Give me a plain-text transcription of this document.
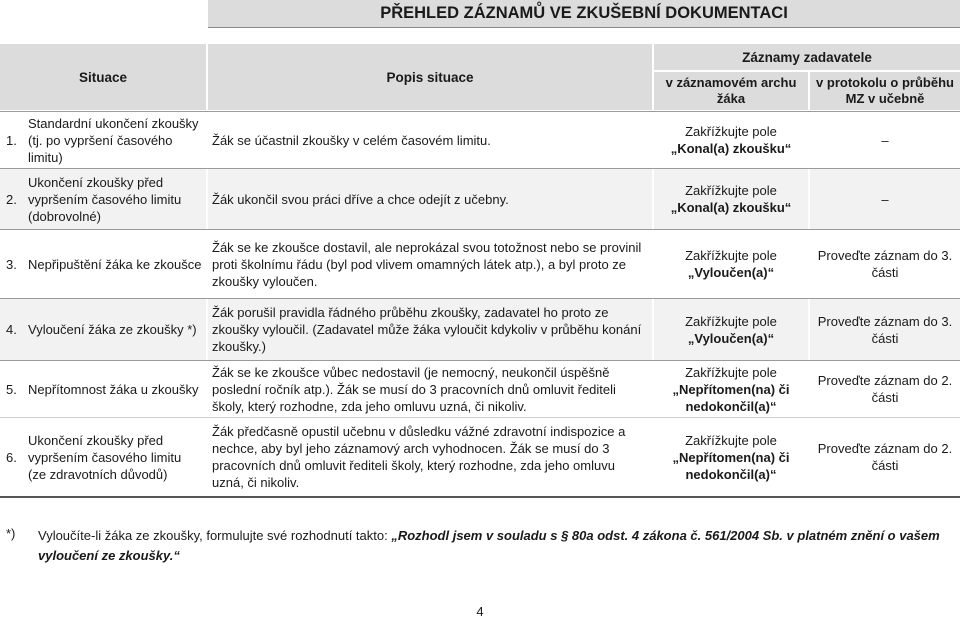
PŘEHLED ZÁZNAMŮ VE ZKUŠEBNÍ DOKUMENTACI
Situace	Popis situace
Záznamy zadavatele
v záznamovém archu žáka
v protokolu o průběhu MZ v učebně
1.
Standardní ukončení zkoušky (tj. po vypršení časového limitu)
Žák se účastnil zkoušky v celém časovém limitu.
Zakřížkujte pole
„Konal(a) zkoušku“
–
2.
Ukončení zkoušky před vypršením časového limitu (dobrovolné)
Žák ukončil svou práci dříve a chce odejít z učebny.
Zakřížkujte pole
„Konal(a) zkoušku“
–
3. Nepřipuštění žáka ke zkoušce
Žák se ke zkoušce dostavil, ale neprokázal svou totožnost nebo se provinil proti školnímu řádu (byl pod vlivem omamných látek atp.), a byl proto ze zkoušky vyloučen.
Zakřížkujte pole
„Vyloučen(a)“
Proveďte záznam do 3. části
4. Vyloučení žáka ze zkoušky *)
Žák porušil pravidla řádného průběhu zkoušky, zadavatel ho proto ze zkoušky vyloučil. (Zadavatel může žáka vyloučit kdykoliv v průběhu konání zkoušky.)
Zakřížkujte pole
„Vyloučen(a)“
Proveďte záznam do 3. části
5. Nepřítomnost žáka u zkoušky
Žák se ke zkoušce vůbec nedostavil (je nemocný, neukončil úspěšně poslední ročník atp.). Žák se musí do 3 pracovních dnů omluvit řediteli školy, který rozhodne, zda jeho omluvu uzná, či nikoliv.
Zakřížkujte pole
„Nepřítomen(na) či nedokončil(a)“
Proveďte záznam do 2. části
6.
Ukončení zkoušky před vypršením časového limitu (ze zdravotních důvodů)
Žák předčasně opustil učebnu v důsledku vážné zdravotní indispozice a nechce, aby byl jeho záznamový arch vyhodnocen. Žák se musí do 3 pracovních dnů omluvit řediteli školy, který rozhodne, zda jeho omluvu uzná, či nikoliv.
Zakřížkujte pole
„Nepřítomen(na) či nedokončil(a)“
Proveďte záznam do 2. části
*) Vyloučíte-li žáka ze zkoušky, formulujte své rozhodnutí takto: „Rozhodl jsem v souladu s § 80a odst. 4 zákona č. 561/2004 Sb. v platném znění o vašem vyloučení ze zkoušky.“
4
